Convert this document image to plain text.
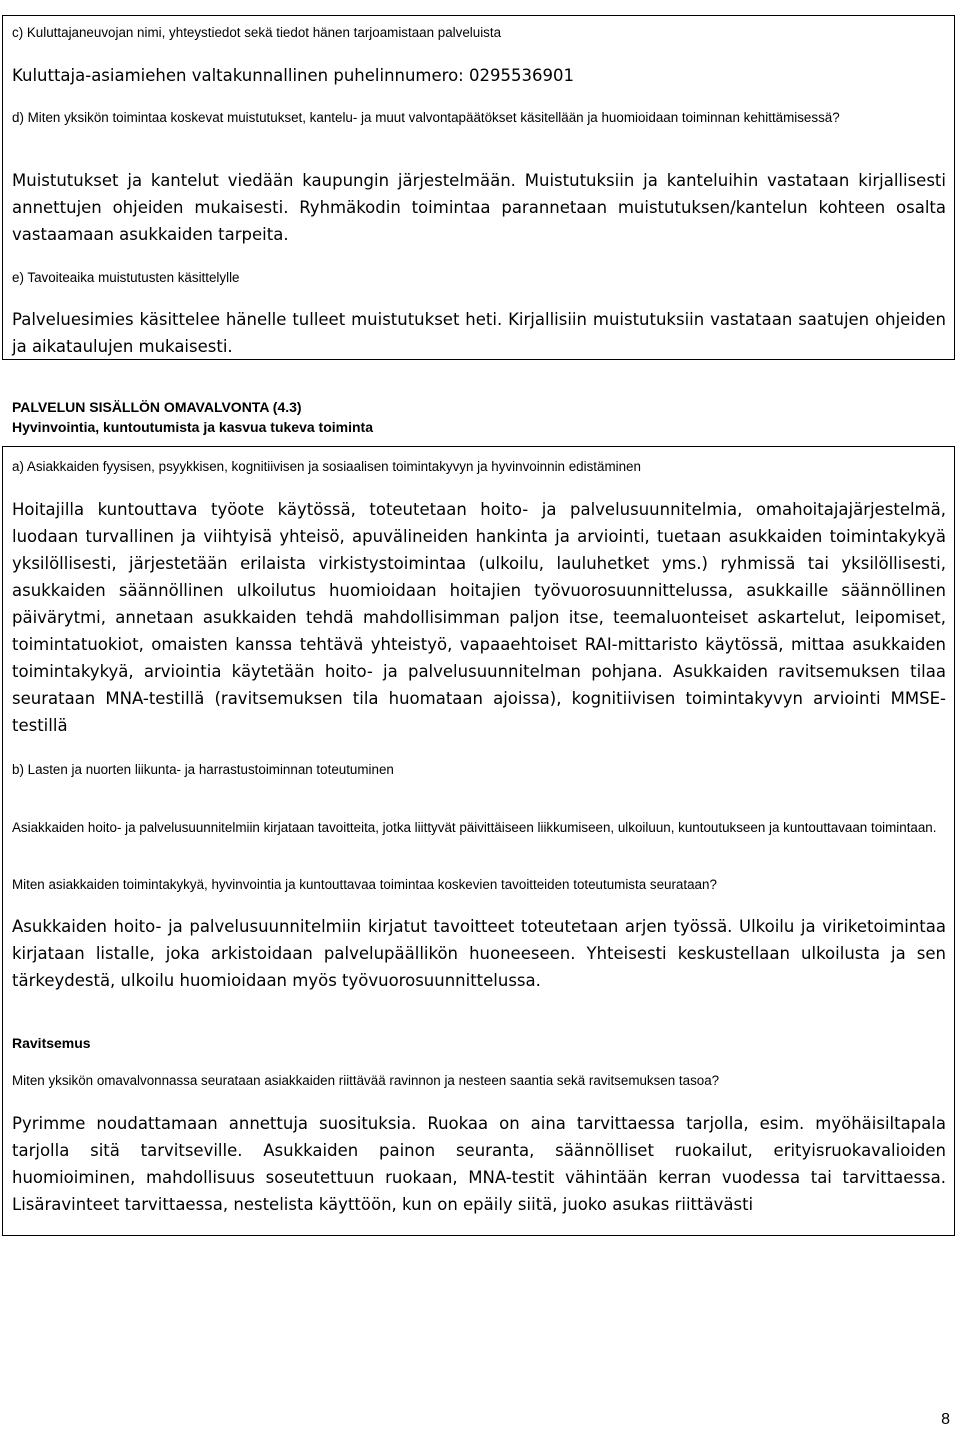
c) Kuluttajaneuvojan nimi, yhteystiedot sekä tiedot hänen tarjoamistaan palveluista
Kuluttaja-asiamiehen valtakunnallinen puhelinnumero: 0295536901
d) Miten yksikön toimintaa koskevat muistutukset, kantelu- ja muut valvontapäätökset käsitellään ja huomioidaan toiminnan kehittämisessä?
Muistutukset ja kantelut viedään kaupungin järjestelmään. Muistutuksiin ja kanteluihin vastataan kirjallisesti annettujen ohjeiden mukaisesti. Ryhmäkodin toimintaa parannetaan muistutuksen/kantelun kohteen osalta vastaamaan asukkaiden tarpeita.
e) Tavoiteaika muistutusten käsittelylle
Palveluesimies käsittelee hänelle tulleet muistutukset heti. Kirjallisiin muistutuksiin vastataan saatujen ohjeiden ja aikataulujen mukaisesti.
PALVELUN SISÄLLÖN OMAVALVONTA (4.3)
Hyvinvointia, kuntoutumista ja kasvua tukeva toiminta
a) Asiakkaiden fyysisen, psyykkisen, kognitiivisen ja sosiaalisen toimintakyvyn ja hyvinvoinnin edistäminen
Hoitajilla kuntouttava työote käytössä, toteutetaan hoito- ja palvelusuunnitelmia, omahoitajajärjestelmä, luodaan turvallinen ja viihtyisä yhteisö, apuvälineiden hankinta ja arviointi, tuetaan asukkaiden toimintakykyä yksilöllisesti, järjestetään erilaista virkistystoimintaa (ulkoilu, lauluhetket yms.) ryhmissä tai yksilöllisesti, asukkaiden säännöllinen ulkoilutus huomioidaan hoitajien työvuorosuunnittelussa, asukkaille säännöllinen päivärytmi, annetaan asukkaiden tehdä mahdollisimman paljon itse, teemaluonteiset askartelut, leipomiset, toimintatuokiot, omaisten kanssa tehtävä yhteistyö, vapaaehtoiset RAI-mittaristo käytössä, mittaa asukkaiden toimintakykyä, arviointia käytetään hoito- ja palvelusuunnitelman pohjana. Asukkaiden ravitsemuksen tilaa seurataan MNA-testillä (ravitsemuksen tila huomataan ajoissa), kognitiivisen toimintakyvyn arviointi MMSE-testillä
b) Lasten ja nuorten liikunta- ja harrastustoiminnan toteutuminen
Asiakkaiden hoito- ja palvelusuunnitelmiin kirjataan tavoitteita, jotka liittyvät päivittäiseen liikkumiseen, ulkoiluun, kuntoutukseen ja kuntouttavaan toimintaan.
Miten asiakkaiden toimintakykyä, hyvinvointia ja kuntouttavaa toimintaa koskevien tavoitteiden toteutumista seurataan?
Asukkaiden hoito- ja palvelusuunnitelmiin kirjatut tavoitteet toteutetaan arjen työssä. Ulkoilu ja viriketoimintaa kirjataan listalle, joka arkistoidaan palvelupäällikön huoneeseen. Yhteisesti keskustellaan ulkoilusta ja sen tärkeydestä, ulkoilu huomioidaan myös työvuorosuunnittelussa.
Ravitsemus
Miten yksikön omavalvonnassa seurataan asiakkaiden riittävää ravinnon ja nesteen saantia sekä ravitsemuksen tasoa?
Pyrimme noudattamaan annettuja suosituksia. Ruokaa on aina tarvittaessa tarjolla, esim. myöhäisiltapala tarjolla sitä tarvitseville. Asukkaiden painon seuranta, säännölliset ruokailut, erityisruokavalioiden huomioiminen, mahdollisuus soseutettuun ruokaan, MNA-testit vähintään kerran vuodessa tai tarvittaessa. Lisäravinteet tarvittaessa, nestelista käyttöön, kun on epäily siitä, juoko asukas riittävästi
8
